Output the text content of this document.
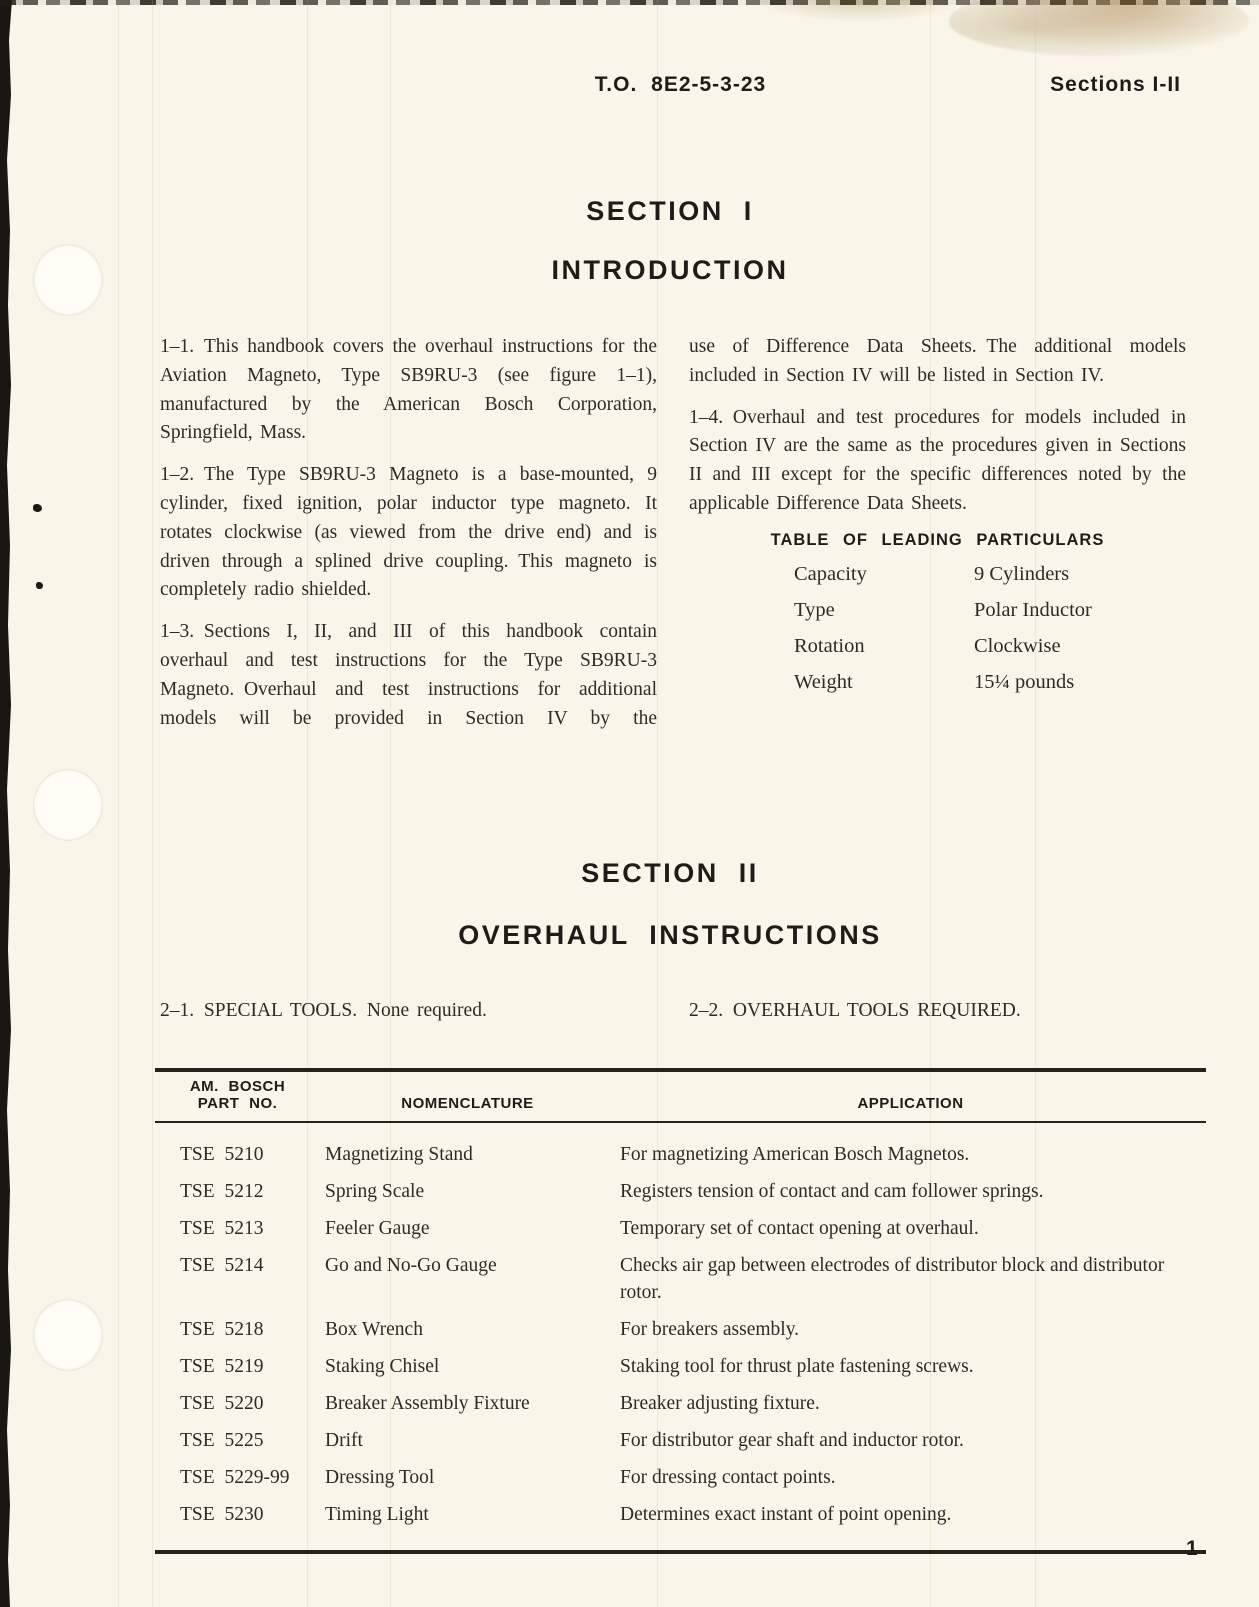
T.O. 8E2-5-3-23	Sections I-II
SECTION I
INTRODUCTION

1–1. This handbook covers the overhaul instructions for the Aviation Magneto, Type SB9RU-3 (see figure 1–1), manufactured by the American Bosch Corporation, Springfield, Mass.

1–2. The Type SB9RU-3 Magneto is a base-mounted, 9 cylinder, fixed ignition, polar inductor type magneto. It rotates clockwise (as viewed from the drive end) and is driven through a splined drive coupling. This magneto is completely radio shielded.

1–3. Sections I, II, and III of this handbook contain overhaul and test instructions for the Type SB9RU-3 Magneto. Overhaul and test instructions for additional models will be provided in Section IV by the

use of Difference Data Sheets. The additional models included in Section IV will be listed in Section IV.

1–4. Overhaul and test procedures for models included in Section IV are the same as the procedures given in Sections II and III except for the specific differences noted by the applicable Difference Data Sheets.

TABLE OF LEADING PARTICULARS
Capacity	9 Cylinders
Type	Polar Inductor
Rotation	Clockwise
Weight	15¼ pounds
SECTION II
OVERHAUL INSTRUCTIONS
2–1. SPECIAL TOOLS. None required.	2–2. OVERHAUL TOOLS REQUIRED.
AM. BOSCH
PART NO.	NOMENCLATURE	APPLICATION
TSE 5210	Magnetizing Stand	For magnetizing American Bosch Magnetos.
TSE 5212	Spring Scale	Registers tension of contact and cam follower springs.
TSE 5213	Feeler Gauge	Temporary set of contact opening at overhaul.
TSE 5214	Go and No-Go Gauge	Checks air gap between electrodes of distributor block and distributor rotor.
TSE 5218	Box Wrench	For breakers assembly.
TSE 5219	Staking Chisel	Staking tool for thrust plate fastening screws.
TSE 5220	Breaker Assembly Fixture	Breaker adjusting fixture.
TSE 5225	Drift	For distributor gear shaft and inductor rotor.
TSE 5229-99	Dressing Tool	For dressing contact points.
TSE 5230	Timing Light	Determines exact instant of point opening.
1
